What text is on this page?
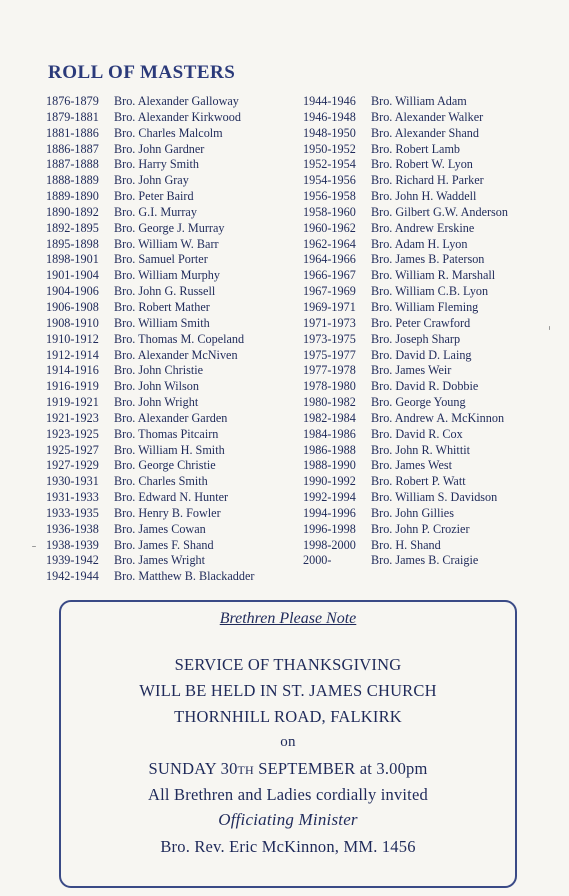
ROLL OF MASTERS
1876-1879	Bro. Alexander Galloway
1879-1881	Bro. Alexander Kirkwood
1881-1886	Bro. Charles Malcolm
1886-1887	Bro. John Gardner
1887-1888	Bro. Harry Smith
1888-1889	Bro. John Gray
1889-1890	Bro. Peter Baird
1890-1892	Bro. G.I. Murray
1892-1895	Bro. George J. Murray
1895-1898	Bro. William W. Barr
1898-1901	Bro. Samuel Porter
1901-1904	Bro. William Murphy
1904-1906	Bro. John G. Russell
1906-1908	Bro. Robert Mather
1908-1910	Bro. William Smith
1910-1912	Bro. Thomas M. Copeland
1912-1914	Bro. Alexander McNiven
1914-1916	Bro. John Christie
1916-1919	Bro. John Wilson
1919-1921	Bro. John Wright
1921-1923	Bro. Alexander Garden
1923-1925	Bro. Thomas Pitcairn
1925-1927	Bro. William H. Smith
1927-1929	Bro. George Christie
1930-1931	Bro. Charles Smith
1931-1933	Bro. Edward N. Hunter
1933-1935	Bro. Henry B. Fowler
1936-1938	Bro. James Cowan
1938-1939	Bro. James F. Shand
1939-1942	Bro. James Wright
1942-1944	Bro. Matthew B. Blackadder
1944-1946	Bro. William Adam
1946-1948	Bro. Alexander Walker
1948-1950	Bro. Alexander Shand
1950-1952	Bro. Robert Lamb
1952-1954	Bro. Robert W. Lyon
1954-1956	Bro. Richard H. Parker
1956-1958	Bro. John H. Waddell
1958-1960	Bro. Gilbert G.W. Anderson
1960-1962	Bro. Andrew Erskine
1962-1964	Bro. Adam H. Lyon
1964-1966	Bro. James B. Paterson
1966-1967	Bro. William R. Marshall
1967-1969	Bro. William C.B. Lyon
1969-1971	Bro. William Fleming
1971-1973	Bro. Peter Crawford
1973-1975	Bro. Joseph Sharp
1975-1977	Bro. David D. Laing
1977-1978	Bro. James Weir
1978-1980	Bro. David R. Dobbie
1980-1982	Bro. George Young
1982-1984	Bro. Andrew A. McKinnon
1984-1986	Bro. David R. Cox
1986-1988	Bro. John R. Whittit
1988-1990	Bro. James West
1990-1992	Bro. Robert P. Watt
1992-1994	Bro. William S. Davidson
1994-1996	Bro. John Gillies
1996-1998	Bro. John P. Crozier
1998-2000	Bro. H. Shand
2000-	Bro. James B. Craigie
Brethren Please Note
SERVICE OF THANKSGIVING
WILL BE HELD IN ST. JAMES CHURCH
THORNHILL ROAD, FALKIRK
on
SUNDAY 30TH SEPTEMBER at 3.00pm
All Brethren and Ladies cordially invited
Officiating Minister
Bro. Rev. Eric McKinnon, MM. 1456
